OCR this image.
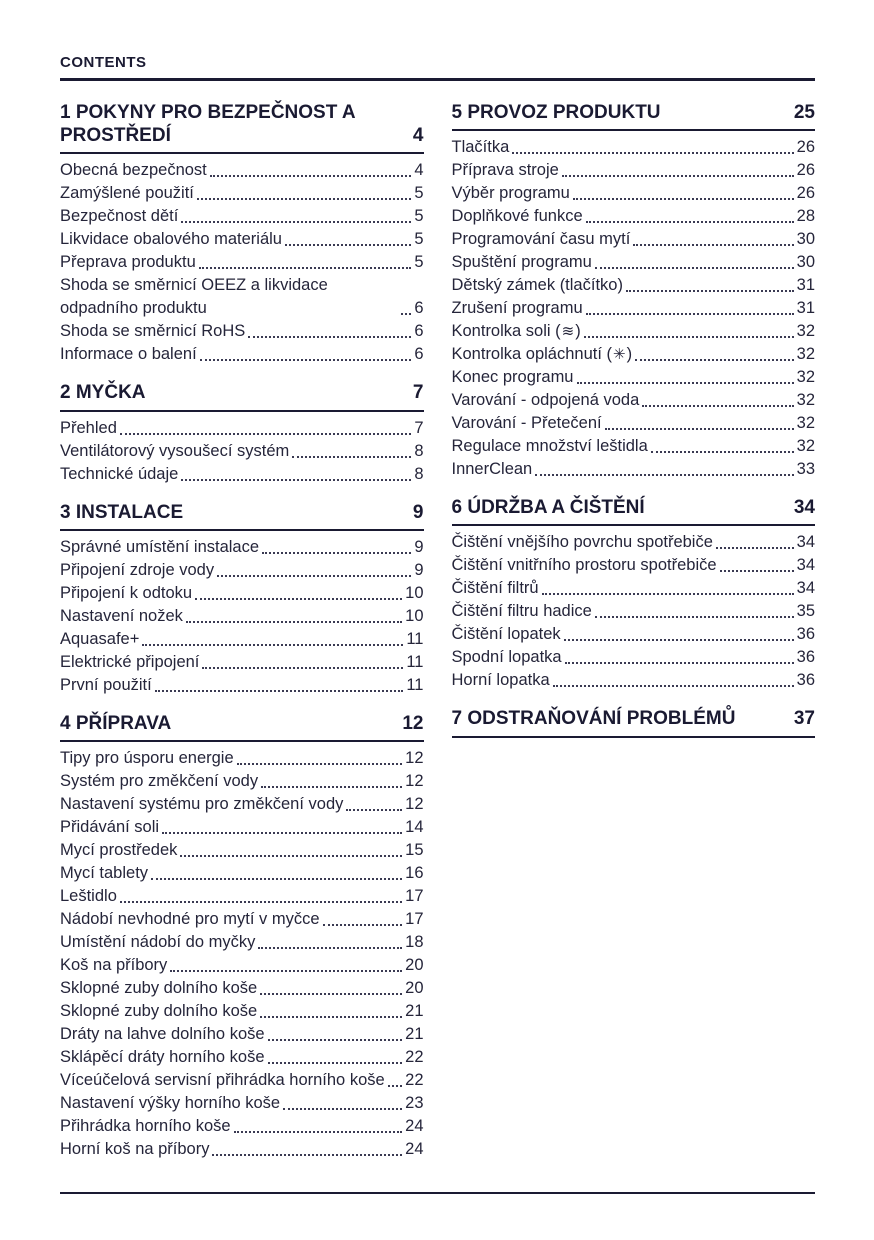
CONTENTS
1 POKYNY PRO BEZPEČNOST A PROSTŘEDÍ	4
Obecná bezpečnost	4
Zamýšlené použití	5
Bezpečnost dětí	5
Likvidace obalového materiálu	5
Přeprava produktu	5
Shoda se směrnicí OEEZ a likvidace odpadního produktu	6
Shoda se směrnicí RoHS	6
Informace o balení	6
2 MYČKA	7
Přehled	7
Ventilátorový vysoušecí systém	8
Technické údaje	8
3 INSTALACE	9
Správné umístění instalace	9
Připojení zdroje vody	9
Připojení k odtoku	10
Nastavení nožek	10
Aquasafe+	11
Elektrické připojení	11
První použití	11
4 PŘÍPRAVA	12
Tipy pro úsporu energie	12
Systém pro změkčení vody	12
Nastavení systému pro změkčení vody	12
Přidávání soli	14
Mycí prostředek	15
Mycí tablety	16
Leštidlo	17
Nádobí nevhodné pro mytí v myčce	17
Umístění nádobí do myčky	18
Koš na příbory	20
Sklopné zuby dolního koše	20
Sklopné zuby dolního koše	21
Dráty na lahve dolního koše	21
Sklápěcí dráty horního koše	22
Víceúčelová servisní přihrádka horního koše 22
Nastavení výšky horního koše	23
Přihrádka horního koše	24
Horní koš na příbory	24
5 PROVOZ PRODUKTU	25
Tlačítka	26
Příprava stroje	26
Výběr programu	26
Doplňkové funkce	28
Programování času mytí	30
Spuštění programu	30
Dětský zámek (tlačítko)	31
Zrušení programu	31
Kontrolka soli (≋)	32
Kontrolka opláchnutí (✳)	32
Konec programu	32
Varování - odpojená voda	32
Varování - Přetečení	32
Regulace množství leštidla	32
InnerClean	33
6 ÚDRŽBA A ČIŠTĚNÍ	34
Čištění vnějšího povrchu spotřebiče	34
Čištění vnitřního prostoru spotřebiče	34
Čištění filtrů	34
Čištění filtru hadice	35
Čištění lopatek	36
Spodní lopatka	36
Horní lopatka	36
7 ODSTRAŇOVÁNÍ PROBLÉMŮ	37
